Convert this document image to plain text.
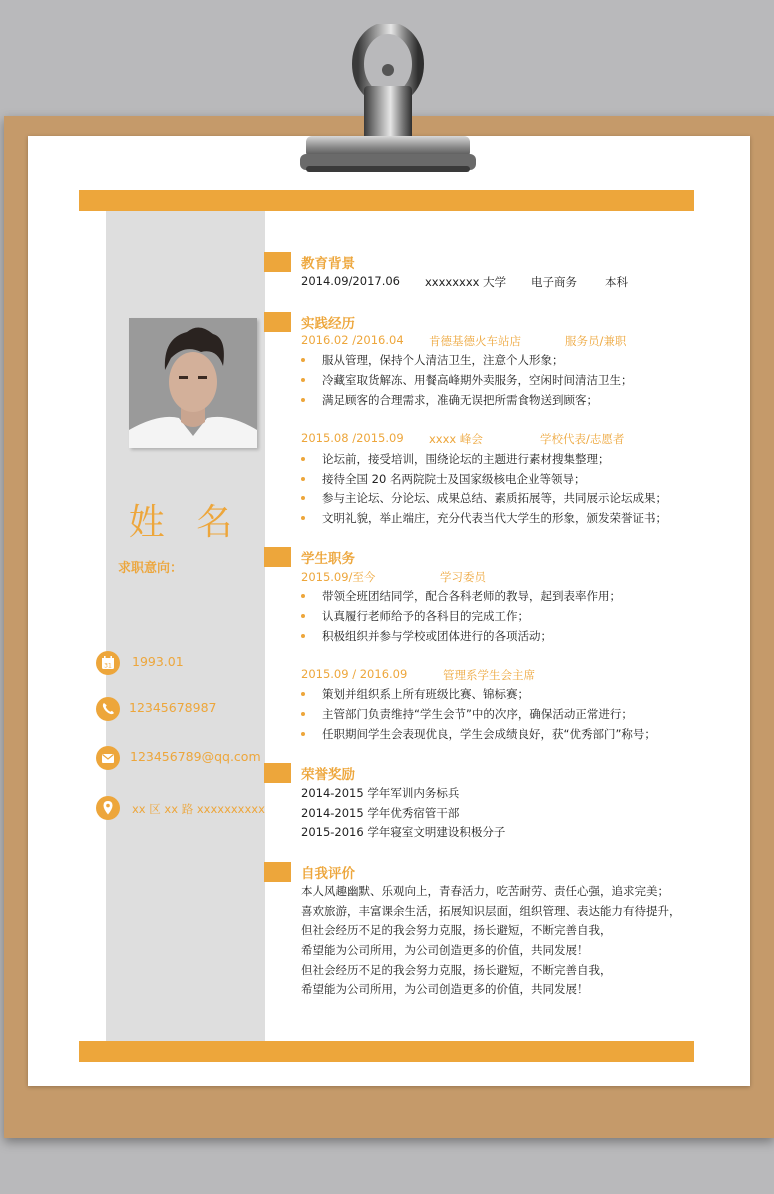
姓 名
求职意向：
31 1993.01
12345678987
123456789@qq.com
xx 区 xx 路 xxxxxxxxxx
教育背景
2014.09/2017.06 xxxxxxxx 大学 电子商务 本科
实践经历
2016.02 /2016.04 肯德基德火车站店	服务员/兼职
服从管理，保持个人清洁卫生，注意个人形象；
冷藏室取货解冻、用餐高峰期外卖服务，空闲时间清洁卫生；
满足顾客的合理需求，准确无误把所需食物送到顾客；
2015.08 /2015.09 xxxx 峰会	学校代表/志愿者
论坛前，接受培训，围绕论坛的主题进行素材搜集整理；
接待全国 20 名两院院士及国家级核电企业等领导；
参与主论坛、分论坛、成果总结、素质拓展等，共同展示论坛成果；
文明礼貌，举止端庄，充分代表当代大学生的形象，颁发荣誉证书；
学生职务
2015.09/至今	学习委员
带领全班团结同学，配合各科老师的教导，起到表率作用；
认真履行老师给予的各科目的完成工作；
积极组织并参与学校或团体进行的各项活动；
2015.09 / 2016.09	管理系学生会主席
策划并组织系上所有班级比赛、锦标赛；
主管部门负责维持“学生会节”中的次序，确保活动正常进行；
任职期间学生会表现优良，学生会成绩良好，获“优秀部门”称号；
荣誉奖励
2014-2015 学年军训内务标兵
2014-2015 学年优秀宿管干部
2015-2016 学年寝室文明建设积极分子
自我评价
本人风趣幽默、乐观向上，青春活力，吃苦耐劳、责任心强，追求完美；
喜欢旅游，丰富课余生活，拓展知识层面，组织管理、表达能力有待提升，
但社会经历不足的我会努力克服，扬长避短，不断完善自我，
希望能为公司所用，为公司创造更多的价值，共同发展！
但社会经历不足的我会努力克服，扬长避短，不断完善自我，
希望能为公司所用，为公司创造更多的价值，共同发展！
